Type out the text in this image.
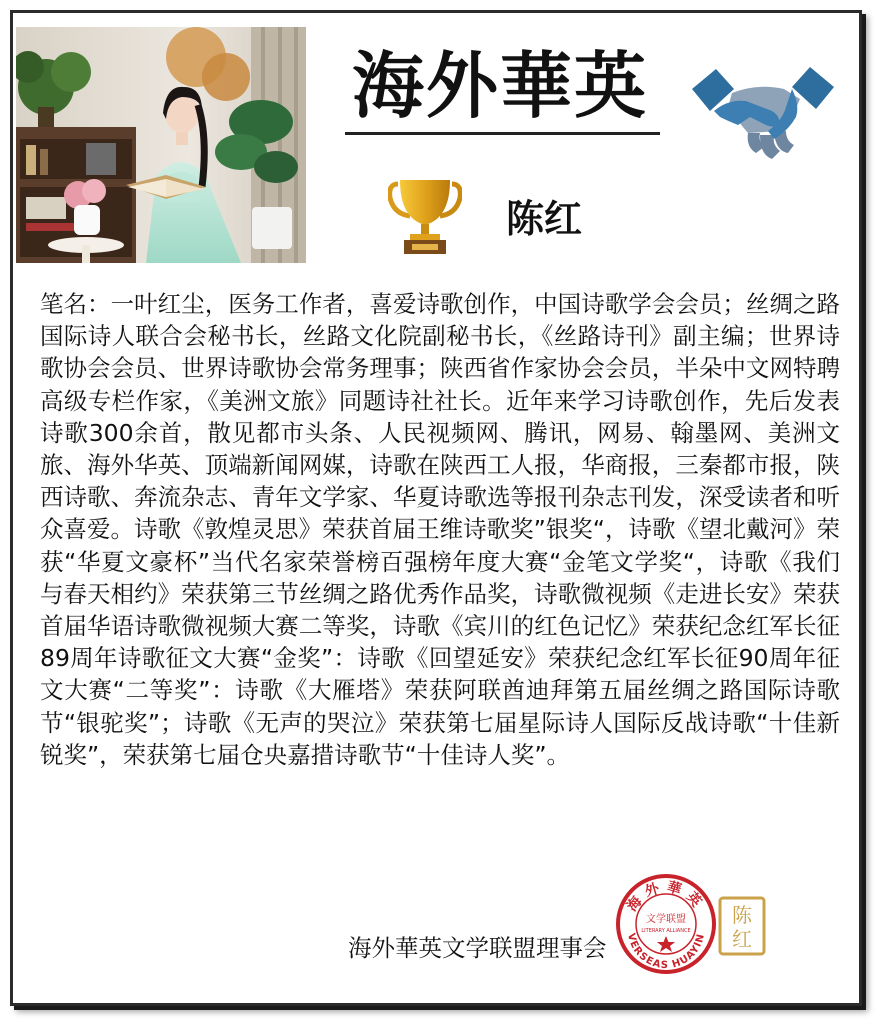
海外華英
陈红

笔名：一叶红尘，医务工作者，喜爱诗歌创作，中国诗歌学会会员；丝绸之路国际诗人联合会秘书长，丝路文化院副秘书长，《丝路诗刊》副主编；世界诗歌协会会员、世界诗歌协会常务理事；陕西省作家协会会员，半朵中文网特聘高级专栏作家，《美洲文旅》同题诗社社长。近年来学习诗歌创作，先后发表诗歌300余首，散见都市头条、人民视频网、腾讯，网易、翰墨网、美洲文旅、海外华英、顶端新闻网媒，诗歌在陕西工人报，华商报，三秦都市报，陕西诗歌、奔流杂志、青年文学家、华夏诗歌选等报刊杂志刊发，深受读者和听众喜爱。诗歌《敦煌灵思》荣获首届王维诗歌奖”银奖“，诗歌《望北戴河》荣获“华夏文豪杯”当代名家荣誉榜百强榜年度大赛“金笔文学奖“，诗歌《我们与春天相约》荣获第三节丝绸之路优秀作品奖，诗歌微视频《走进长安》荣获首届华语诗歌微视频大赛二等奖，诗歌《宾川的红色记忆》荣获纪念红军长征89周年诗歌征文大赛“金奖”：诗歌《回望延安》荣获纪念红军长征90周年征文大赛“二等奖”：诗歌《大雁塔》荣获阿联酋迪拜第五届丝绸之路国际诗歌节“银驼奖”；诗歌《无声的哭泣》荣获第七届星际诗人国际反战诗歌“十佳新锐奖”，荣获第七届仓央嘉措诗歌节“十佳诗人奖”。

海外華英文学联盟理事会
海外華英
文学联盟
LITERARY ALLIANCE
VERSEAS HUAYIN
陈
红
